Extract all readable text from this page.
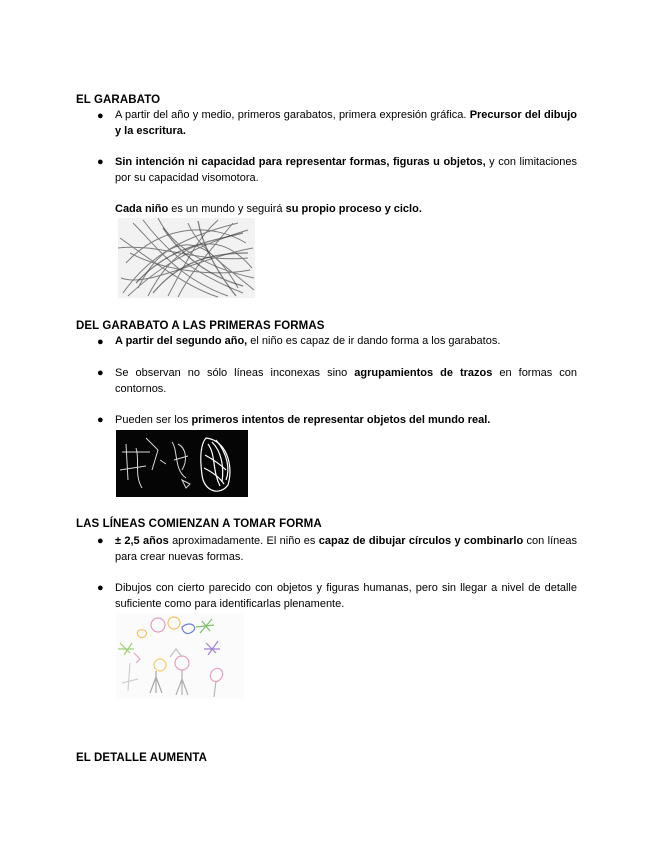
EL GARABATO
● A partir del año y medio, primeros garabatos, primera expresión gráfica. Precursor del dibujo y la escritura.
● Sin intención ni capacidad para representar formas, figuras u objetos, y con limitaciones por su capacidad visomotora.
Cada niño es un mundo y seguirá su propio proceso y ciclo.
DEL GARABATO A LAS PRIMERAS FORMAS
● A partir del segundo año, el niño es capaz de ir dando forma a los garabatos.
● Se observan no sólo líneas inconexas sino agrupamientos de trazos en formas con contornos.
● Pueden ser los primeros intentos de representar objetos del mundo real.
LAS LÍNEAS COMIENZAN A TOMAR FORMA
● ± 2,5 años aproximadamente. El niño es capaz de dibujar círculos y combinarlo con líneas para crear nuevas formas.
● Dibujos con cierto parecido con objetos y figuras humanas, pero sin llegar a nivel de detalle suficiente como para identificarlas plenamente.
EL DETALLE AUMENTA
